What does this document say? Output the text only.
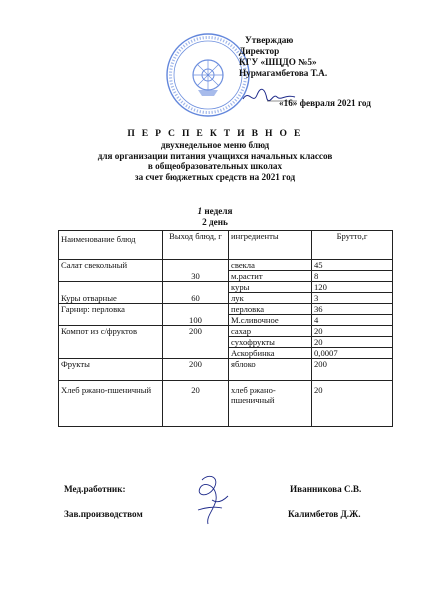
Утверждаю
Директор
КГУ «ШЦДО №5»
Нурмагамбетова Т.А.
«16» февраля 2021 год
П Е Р С П Е К Т И В Н О Е
двухнедельное меню блюд
для организации питания учащихся начальных классов
в общеобразовательных школах
за счет бюджетных средств на 2021 год
1 неделя
2 день
Наименование блюд	Выход блюд, г	ингредиенты	Брутто,г
Салат свекольный	30	свекла	45
		м.растит	8
Куры отварные	60	куры	120
		лук	3
Гарнир: перловка	100	перловка	36
		М.сливочное	4
Компот из с/фруктов	200	сахар	20
		сухофрукты	20
		Аскорбинка	0,0007
Фрукты	200	яблоко	200
Хлеб ржано-пшеничный	20	хлеб ржано-пшеничный	20
Мед.работник:	Иванникова С.В.
Зав.производством	Калимбетов Д.Ж.
